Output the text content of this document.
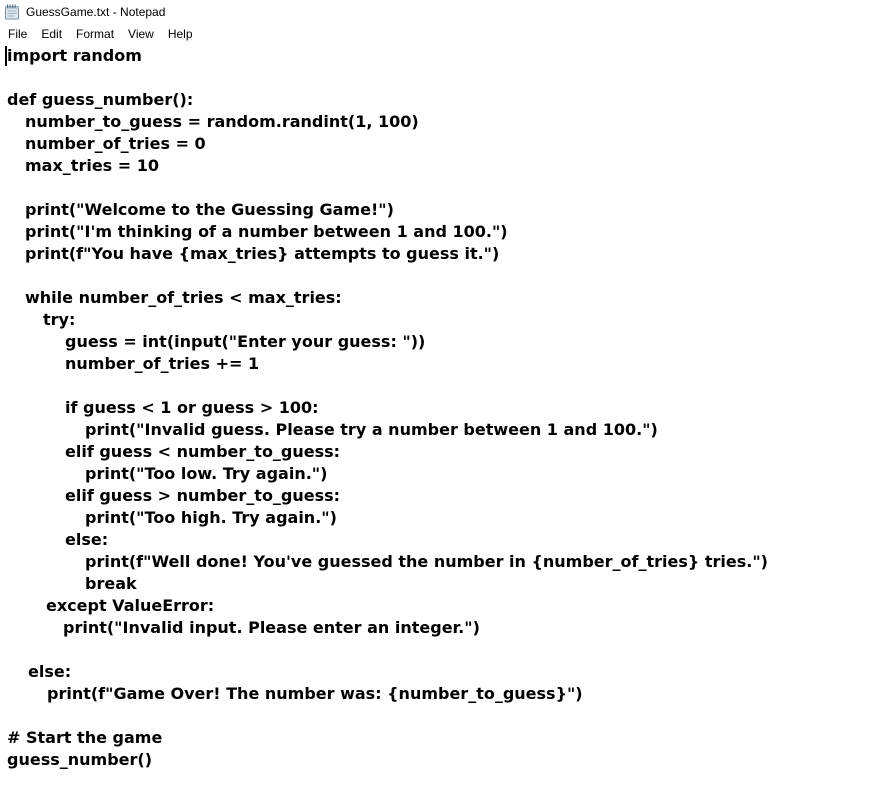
GuessGame.txt - Notepad
File	Edit	Format	View	Help
import random
def guess_number():
number_to_guess = random.randint(1, 100)
number_of_tries = 0
max_tries = 10
print("Welcome to the Guessing Game!")
print("I'm thinking of a number between 1 and 100.")
print(f"You have {max_tries} attempts to guess it.")
while number_of_tries < max_tries:
try:
guess = int(input("Enter your guess: "))
number_of_tries += 1
if guess < 1 or guess > 100:
print("Invalid guess. Please try a number between 1 and 100.")
elif guess < number_to_guess:
print("Too low. Try again.")
elif guess > number_to_guess:
print("Too high. Try again.")
else:
print(f"Well done! You've guessed the number in {number_of_tries} tries.")
break
except ValueError:
print("Invalid input. Please enter an integer.")
else:
print(f"Game Over! The number was: {number_to_guess}")
# Start the game
guess_number()
